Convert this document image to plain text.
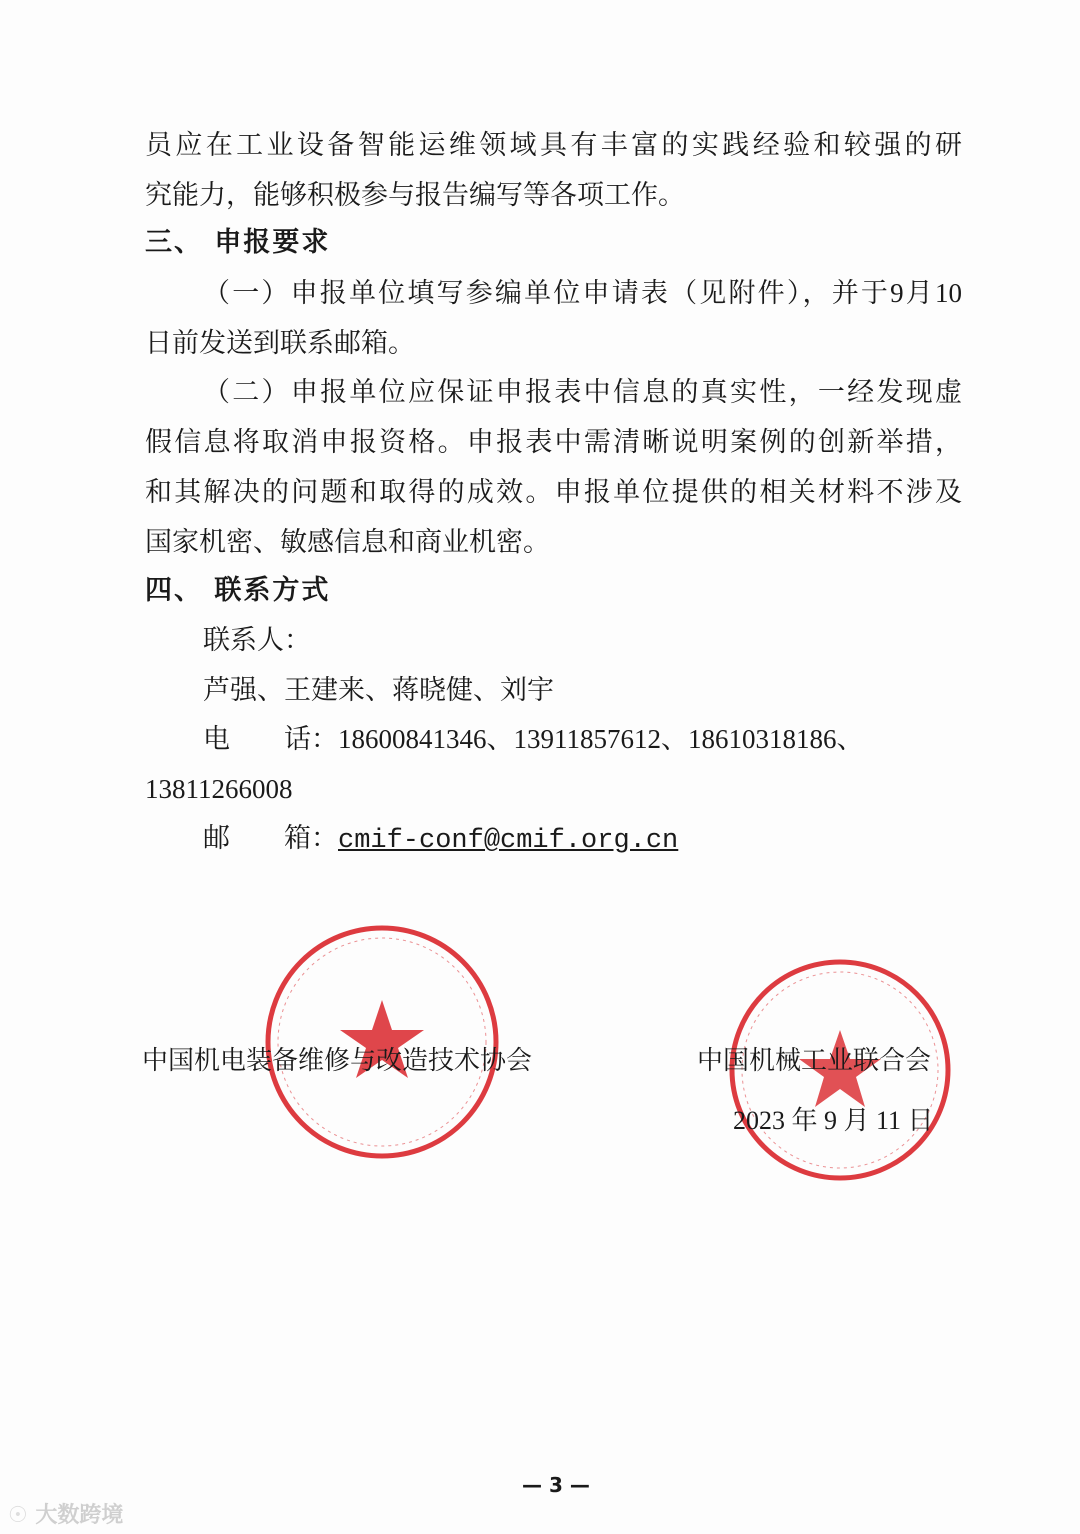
员应在工业设备智能运维领域具有丰富的实践经验和较强的研
究能力，能够积极参与报告编写等各项工作。
三、 申报要求
（一）申报单位填写参编单位申请表（见附件），并于9月10
日前发送到联系邮箱。
（二）申报单位应保证申报表中信息的真实性，一经发现虚
假信息将取消申报资格。申报表中需清晰说明案例的创新举措，
和其解决的问题和取得的成效。申报单位提供的相关材料不涉及
国家机密、敏感信息和商业机密。
四、 联系方式
联系人：
芦强、王建来、蒋晓健、刘宇
电　　话：18600841346、13911857612、18610318186、
13811266008
邮　　箱：cmif-conf@cmif.org.cn
中国机电装备维修与改造技术协会	中国机械工业联合会
2023 年 9 月 11 日
— 3 —
☉ 大数跨境
